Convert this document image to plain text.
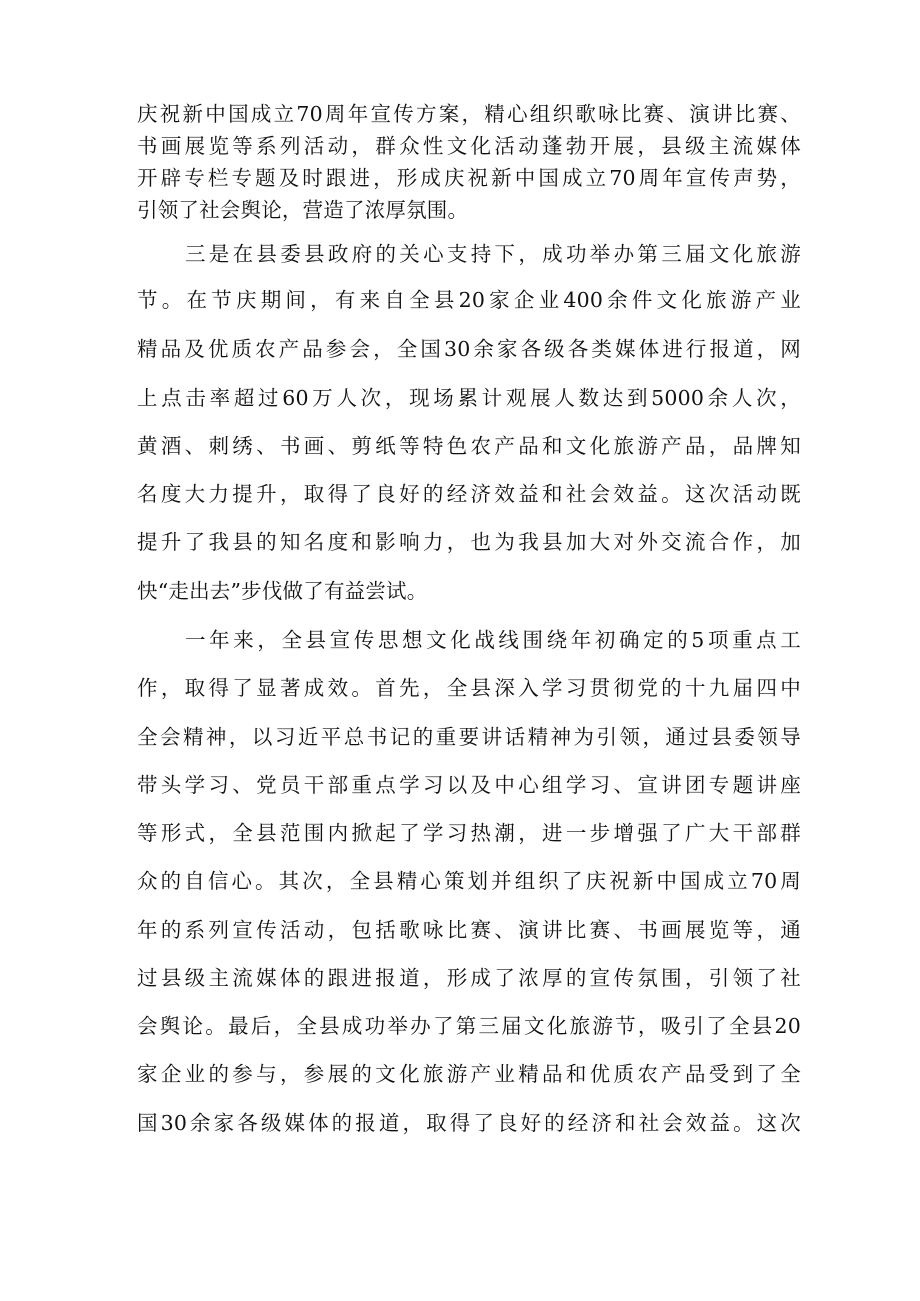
庆祝新中国成立70周年宣传方案，精心组织歌咏比赛、演讲比赛、
书画展览等系列活动，群众性文化活动蓬勃开展，县级主流媒体
开辟专栏专题及时跟进，形成庆祝新中国成立70周年宣传声势，
引领了社会舆论，营造了浓厚氛围。
三是在县委县政府的关心支持下，成功举办第三届文化旅游
节。在节庆期间，有来自全县20家企业400余件文化旅游产业
精品及优质农产品参会，全国30余家各级各类媒体进行报道，网
上点击率超过60万人次，现场累计观展人数达到5000余人次，
黄酒、刺绣、书画、剪纸等特色农产品和文化旅游产品，品牌知
名度大力提升，取得了良好的经济效益和社会效益。这次活动既
提升了我县的知名度和影响力，也为我县加大对外交流合作，加
快“走出去”步伐做了有益尝试。
一年来，全县宣传思想文化战线围绕年初确定的5项重点工
作，取得了显著成效。首先，全县深入学习贯彻党的十九届四中
全会精神，以习近平总书记的重要讲话精神为引领，通过县委领导
带头学习、党员干部重点学习以及中心组学习、宣讲团专题讲座
等形式，全县范围内掀起了学习热潮，进一步增强了广大干部群
众的自信心。其次，全县精心策划并组织了庆祝新中国成立70周
年的系列宣传活动，包括歌咏比赛、演讲比赛、书画展览等，通
过县级主流媒体的跟进报道，形成了浓厚的宣传氛围，引领了社
会舆论。最后，全县成功举办了第三届文化旅游节，吸引了全县20
家企业的参与，参展的文化旅游产业精品和优质农产品受到了全
国30余家各级媒体的报道，取得了良好的经济和社会效益。这次
